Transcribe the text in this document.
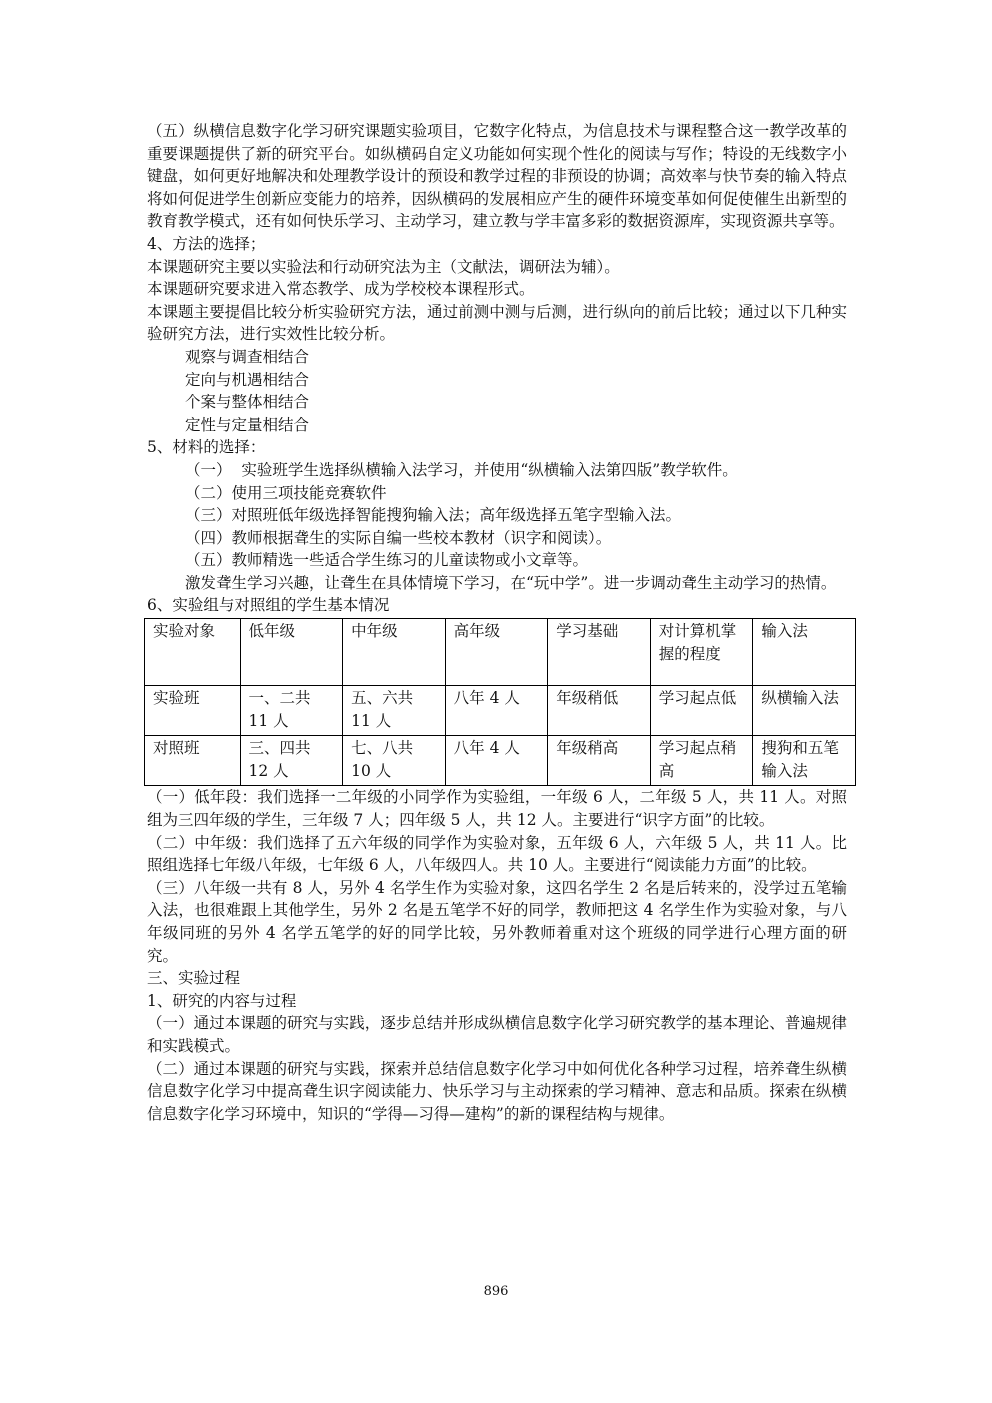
（五）纵横信息数字化学习研究课题实验项目，它数字化特点，为信息技术与课程整合这一教学改革的重要课题提供了新的研究平台。如纵横码自定义功能如何实现个性化的阅读与写作；特设的无线数字小键盘，如何更好地解决和处理教学设计的预设和教学过程的非预设的协调；高效率与快节奏的输入特点将如何促进学生创新应变能力的培养，因纵横码的发展相应产生的硬件环境变革如何促使催生出新型的教育教学模式，还有如何快乐学习、主动学习，建立教与学丰富多彩的数据资源库，实现资源共享等。

4、方法的选择；

本课题研究主要以实验法和行动研究法为主（文献法，调研法为辅）。

本课题研究要求进入常态教学、成为学校校本课程形式。

本课题主要提倡比较分析实验研究方法，通过前测中测与后测，进行纵向的前后比较；通过以下几种实验研究方法，进行实效性比较分析。

观察与调查相结合

定向与机遇相结合

个案与整体相结合

定性与定量相结合

5、材料的选择：

（一）  实验班学生选择纵横输入法学习，并使用“纵横输入法第四版”教学软件。

（二）使用三项技能竞赛软件

（三）对照班低年级选择智能搜狗输入法；高年级选择五笔字型输入法。

（四）教师根据聋生的实际自编一些校本教材（识字和阅读）。

（五）教师精选一些适合学生练习的儿童读物或小文章等。

激发聋生学习兴趣，让聋生在具体情境下学习，在“玩中学”。进一步调动聋生主动学习的热情。

6、实验组与对照组的学生基本情况

实验对象	低年级	中年级	高年级	学习基础	对计算机掌握的程度	输入法
实验班	一、二共 11 人	五、六共 11 人	八年 4 人	年级稍低	学习起点低	纵横输入法
对照班	三、四共 12 人	七、八共 10 人	八年 4 人	年级稍高	学习起点稍高	搜狗和五笔输入法

（一）低年段：我们选择一二年级的小同学作为实验组，一年级 6 人，二年级 5 人，共 11 人。对照组为三四年级的学生，三年级 7 人；四年级 5 人，共 12 人。主要进行“识字方面”的比较。

（二）中年级：我们选择了五六年级的同学作为实验对象，五年级 6 人，六年级 5 人，共 11 人。比照组选择七年级八年级，七年级 6 人，八年级四人。共 10 人。主要进行“阅读能力方面”的比较。

（三）八年级一共有 8 人，另外 4 名学生作为实验对象，这四名学生 2 名是后转来的，没学过五笔输入法，也很难跟上其他学生，另外 2 名是五笔学不好的同学，教师把这 4 名学生作为实验对象，与八年级同班的另外 4 名学五笔学的好的同学比较，另外教师着重对这个班级的同学进行心理方面的研究。

三、实验过程

1、研究的内容与过程

（一）通过本课题的研究与实践，逐步总结并形成纵横信息数字化学习研究教学的基本理论、普遍规律和实践模式。

（二）通过本课题的研究与实践，探索并总结信息数字化学习中如何优化各种学习过程，培养聋生纵横信息数字化学习中提高聋生识字阅读能力、快乐学习与主动探索的学习精神、意志和品质。探索在纵横信息数字化学习环境中，知识的“学得—习得—建构”的新的课程结构与规律。

896
